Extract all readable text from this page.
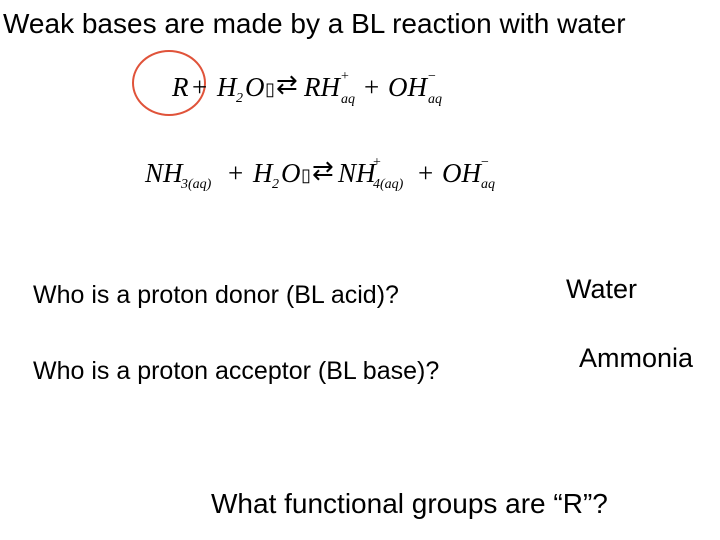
Weak bases are made by a BL reaction with water
R + H 2 O ▯ ⇄ RH +
aq + OH −
aq
NH
3(aq) + H 2 O ▯ ⇄ NH
+
4(aq) + OH −
aq
Who is a proton donor (BL acid)?	Water
Who is a proton acceptor (BL base)?	Ammonia
What functional groups are “R”?
